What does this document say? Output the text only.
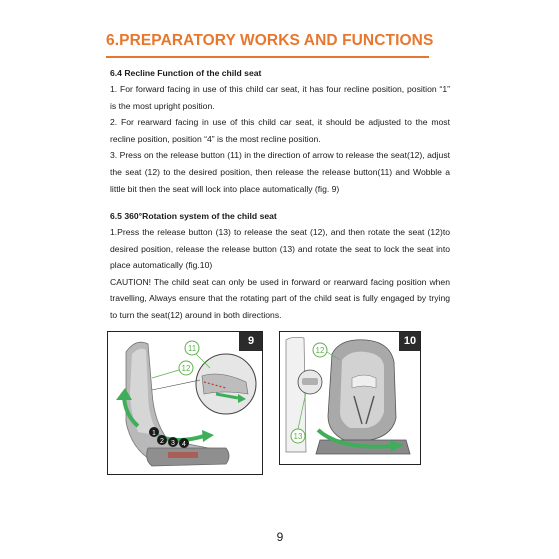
6.PREPARATORY WORKS AND FUNCTIONS
6.4 Recline Function of the child seat

1. For forward facing in use of this child car seat, it has four recline position, position “1” is the most upright position.

2. For rearward facing in use of this child car seat, it should be adjusted to the most recline position, position “4” is the most recline position.

3. Press on the release button (11) in the direction of arrow to release the seat(12), adjust the seat (12) to the desired position, then release the release button(11) and Wobble a little bit then the seat will lock into place automatically (fig. 9)

6.5 360°Rotation system of the child seat

1.Press the release button (13) to release the seat (12), and then rotate the seat (12)to desired position, release the release button (13) and rotate the seat to lock the seat into place automatically (fig.10)

CAUTION! The child seat can only be used in forward or rearward facing position when travelling, Always ensure that the rotating part of the child seat is fully engaged by trying to turn the seat(12) around in both directions.

11
12
1
2 3 4
9
12
13
10
9
